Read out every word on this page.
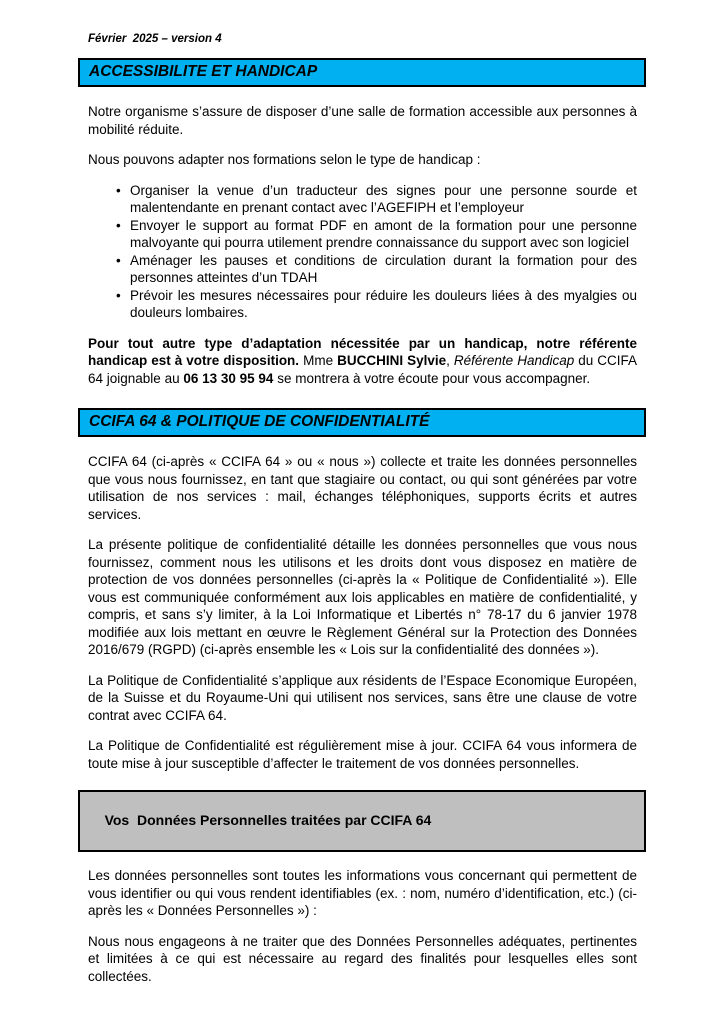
Février  2025 – version 4
ACCESSIBILITE ET HANDICAP

Notre organisme s’assure de disposer d’une salle de formation accessible aux personnes à mobilité réduite.

Nous pouvons adapter nos formations selon le type de handicap :

• Organiser la venue d’un traducteur des signes pour une personne sourde et malentendante en prenant contact avec l’AGEFIPH et l’employeur
• Envoyer le support au format PDF en amont de la formation pour une personne malvoyante qui pourra utilement prendre connaissance du support avec son logiciel
• Aménager les pauses et conditions de circulation durant la formation pour des personnes atteintes d’un TDAH
• Prévoir les mesures nécessaires pour réduire les douleurs liées à des myalgies ou douleurs lombaires.

Pour tout autre type d’adaptation nécessitée par un handicap, notre référente handicap est à votre disposition. Mme BUCCHINI Sylvie, Référente Handicap du CCIFA 64 joignable au 06 13 30 95 94 se montrera à votre écoute pour vous accompagner.

CCIFA 64 & POLITIQUE DE CONFIDENTIALITÉ

CCIFA 64 (ci-après « CCIFA 64 » ou « nous ») collecte et traite les données personnelles que vous nous fournissez, en tant que stagiaire ou contact, ou qui sont générées par votre utilisation de nos services : mail, échanges téléphoniques, supports écrits et autres services.

La présente politique de confidentialité détaille les données personnelles que vous nous fournissez, comment nous les utilisons et les droits dont vous disposez en matière de protection de vos données personnelles (ci-après la « Politique de Confidentialité »). Elle vous est communiquée conformément aux lois applicables en matière de confidentialité, y compris, et sans s’y limiter, à la Loi Informatique et Libertés n° 78-17 du 6 janvier 1978 modifiée aux lois mettant en œuvre le Règlement Général sur la Protection des Données 2016/679 (RGPD) (ci-après ensemble les « Lois sur la confidentialité des données »).

La Politique de Confidentialité s’applique aux résidents de l’Espace Economique Européen, de la Suisse et du Royaume-Uni qui utilisent nos services, sans être une clause de votre contrat avec CCIFA 64.

La Politique de Confidentialité est régulièrement mise à jour. CCIFA 64 vous informera de toute mise à jour susceptible d’affecter le traitement de vos données personnelles.

Vos  Données Personnelles traitées par CCIFA 64

Les données personnelles sont toutes les informations vous concernant qui permettent de vous identifier ou qui vous rendent identifiables (ex. : nom, numéro d’identification, etc.) (ci-après les « Données Personnelles ») :

Nous nous engageons à ne traiter que des Données Personnelles adéquates, pertinentes et limitées à ce qui est nécessaire au regard des finalités pour lesquelles elles sont collectées.
